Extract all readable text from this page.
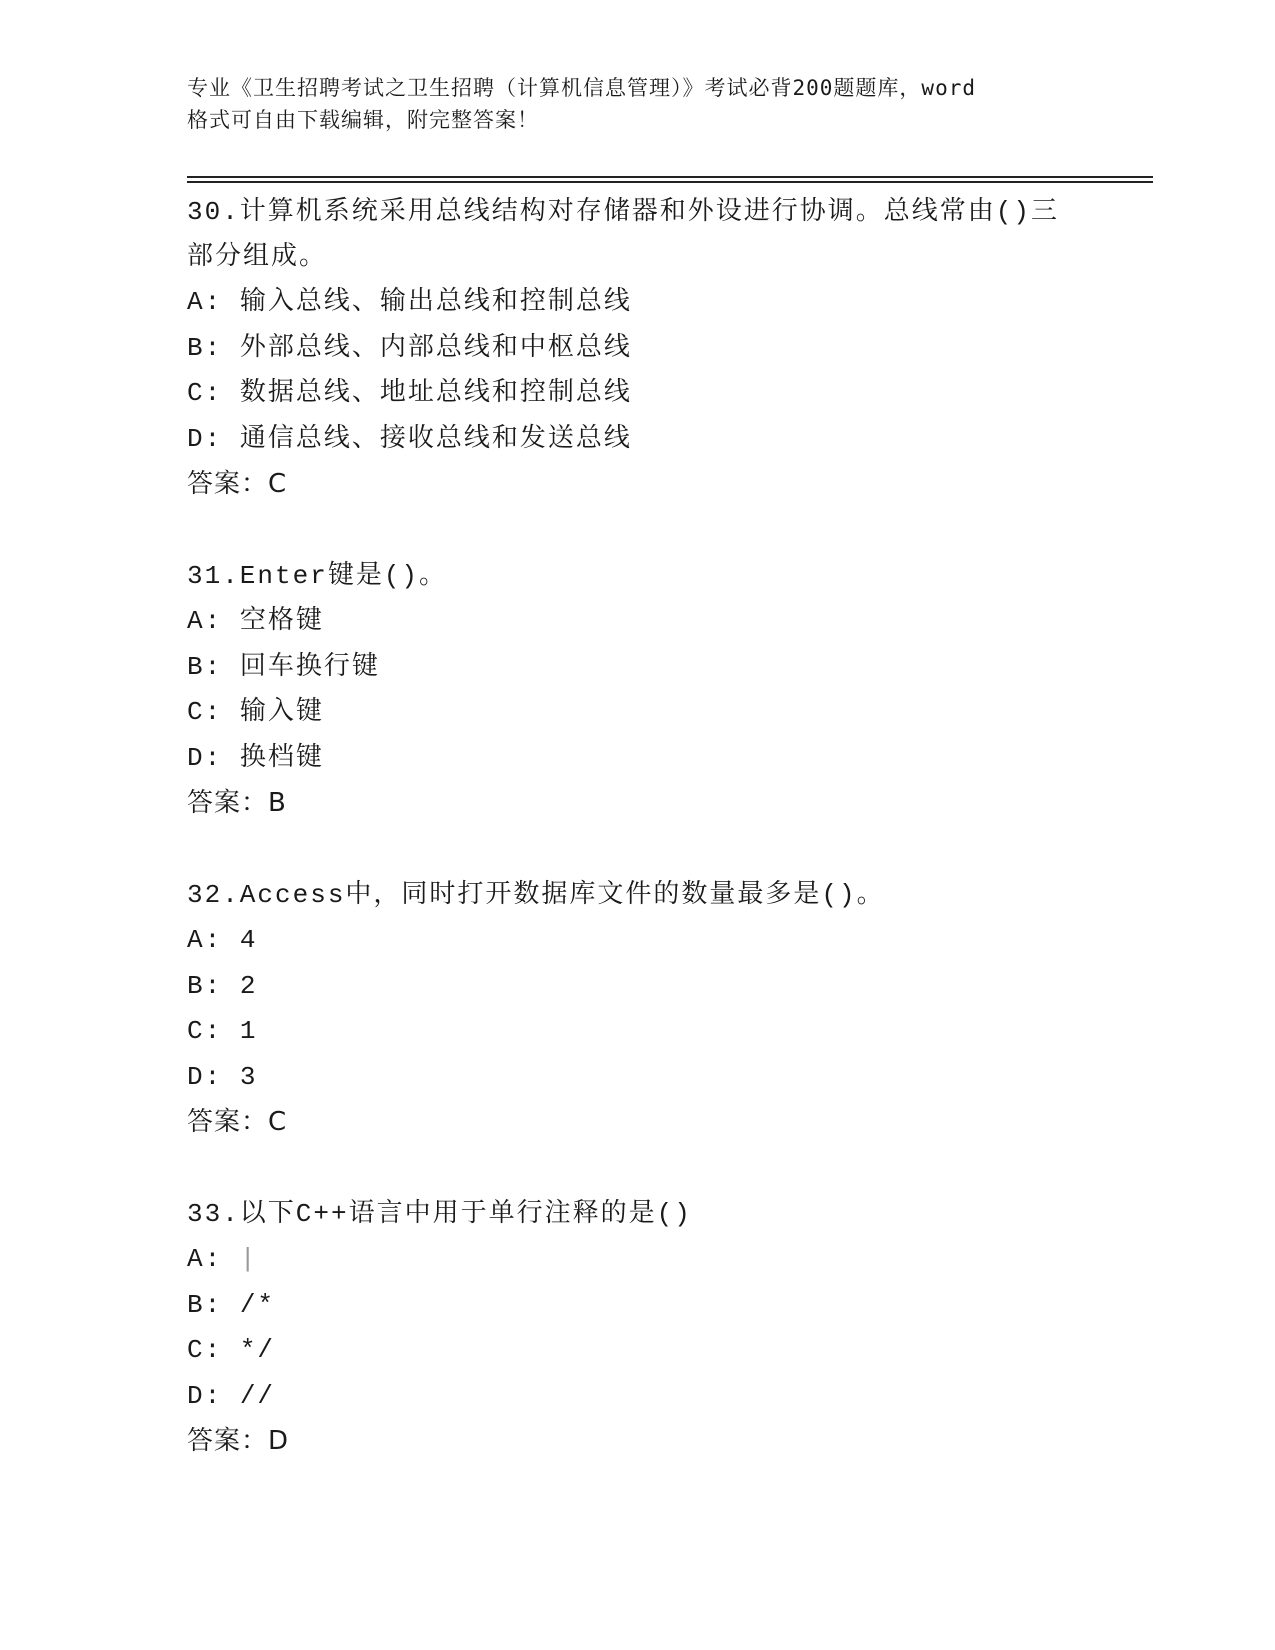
专业《卫生招聘考试之卫生招聘（计算机信息管理）》考试必背200题题库，word
格式可自由下载编辑，附完整答案！
30.计算机系统采用总线结构对存储器和外设进行协调。总线常由()三
部分组成。
A: 输入总线、输出总线和控制总线
B: 外部总线、内部总线和中枢总线
C: 数据总线、地址总线和控制总线
D: 通信总线、接收总线和发送总线
答案：C
31.Enter键是()。
A: 空格键
B: 回车换行键
C: 输入键
D: 换档键
答案：B
32.Access中，同时打开数据库文件的数量最多是()。
A: 4
B: 2
C: 1
D: 3
答案：C
33.以下C++语言中用于单行注释的是()
A: |
B: /*
C: */
D: //
答案：D
